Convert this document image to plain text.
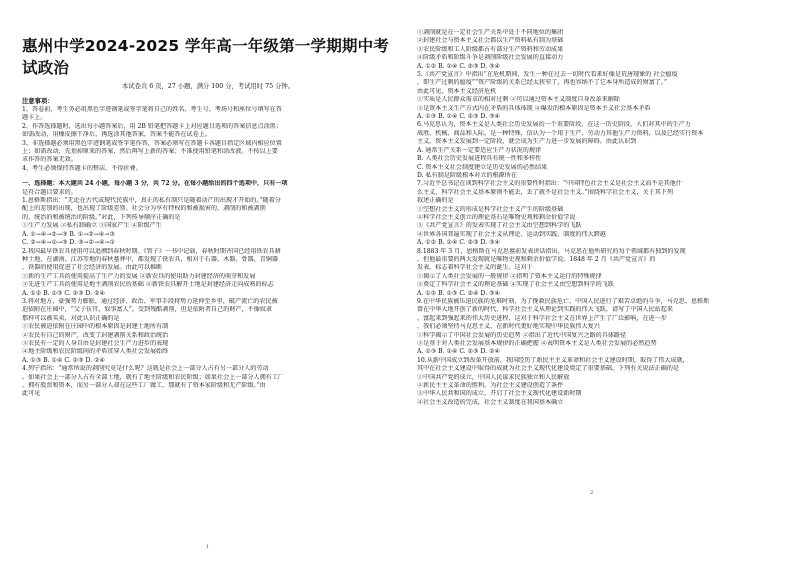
惠州中学2024-2025 学年高一年级第一学期期中考
试政治
本试卷共 6 页，27 小题，满分 100 分，考试用时 75 分钟。
注意事项：
1、答卷前，考生务必用黑色字迹钢笔或签字笔将自己的姓名、考生号、考场号和座位号填写在答
题卡上。
2、作答选择题时，选出每小题答案后，用 2B 铅笔把答题卡上对应题目选项的答案信息点涂黑；
如需改动，用橡皮擦干净后，再选涂其他答案，答案不能答在试卷上。
3、非选择题必须用黑色字迹钢笔或签字笔作答，答案必须写在答题卡各题目指定区域内相应位置
上；如需改动，先划掉原来的答案，然后再写上新的答案；不准使用铅笔和涂改液。不按以上要
求作答的答案无效。
4、考生必须保持答题卡的整洁，不得折叠。
一、选择题：本大题共 24 小题，每小题 3 分，共 72 分。在每小题给出的四个选项中，只有一项
是符合题目要求的。
1.恩格斯指出：“无论在古代或现代民族中，真正的私有制只是随着动产的出现才开始的。”随着分
配上的差别的出现，也出现了阶级差别。社会分为享有特权的和被损害的，剥削的和被剥削
的，统治的和被统治的阶级。”对此，下列传导顺序正确的是
①生产力发展 ②私有制确立 ③国家产生 ④阶级产生
A. ①→④→②→③ B. ①→②→④→③
C. ②→④→①→③ D. ③→②→④→①
2.我国最早铁农具使用可以追溯到春秋时期。《管子》一书中记载，春秋时期齐国已经用铁农具耕
种土地，在湖南、江苏等地的春秋墓葬中，都发现了铁农具，相对于石器、木器、骨器、青铜器
，铁器的使用促进了社会经济的发展。由此可以推断
①新的生产工具的使用提高了生产力的发展 ②新农具的使用助力封建经济的萌芽和发展
③先进生产工具的使用是地主剥削农民的基础 ④新铁农具解开土地是封建经济走向成熟的标志
A. ①② B. ①③ C. ②③ D. ②④
3.将对地方，豪强势力膨胀，通过经济、政治、军事手段将势力延伸至乡里，破产流亡的农民被
迫依附在庄园中，“父子伍官，奴事富人”，受到残酷剥削，但是依附者自己的财产，不像奴隶
那样可以被买卖，对此认识正确的是
①农民被迫依附在庄园中的根本原因是封建土地所有制
②农民有自己的财产，改变了封建剥削关系和政治统治
③农民有一定的人身自由是封建社会生产力进步的表现
④地主阶级和农民阶级间的矛盾贯穿人类社会发展始终
A. ①③ B. ①④ C. ②③ D. ②④
4.列宁指出：“通常所说的剥削究竟是什么呢？这就是社会上一部分人占有另一部分人的劳动
。如果社会上一部分人占有全部土地，就有了地主阶级和农民阶级；如果社会上一部分人拥有工厂
，拥有股票和资本，而另一部分人却在这些工厂做工，那就有了资本家阶级和无产阶级。”由
此可见
①剥削就是在一定社会生产关系中处于不同地位的集团
②封建社会与资本主义社会都以生产资料私有制为基础
③农民阶级和工人阶级都占有部分生产资料和劳动成果
④阶级矛盾和阶级斗争是剥削阶级社会发展的直接动力
A. ①② B. ①④ C. ②③ D. ③④
5.《共产党宣言》中指出“在危机期间，发生一种在过去一切时代看来好像是荒唐现象的 社会瘟疫
，即生产过剩的瘟疫”“资产阶级的关系已经太狭窄了，再也容纳不了它本身所造成的财富了。”
由此可见，资本主义经济危机
①实质是人民群众需求的相对过剩 ②可以通过资本主义制度自身改革来解除
③是资本主义生产方式内在矛盾的具体体现 ④爆发的根本原因是资本主义社会基本矛盾
A. ①③ B. ①④ C. ②③ D. ③④
6.马克思认为，资本主义是人类社会历史发展的一个重要阶段，在这一历史阶段，人们对其中的生产力
战胜、机械、商品和人际，是一种特殊，信认为一个用于生产、劳动力其他生产力资料，以及已经实行资本
主义，资本主义发展到一定阶段，就会成为生产力进一步发展的障碍。由此认识到
A. 通常生产关系一定要适应生产力状况的规律
B. 人类社会历史发展进程具有统一性和多样性
C. 资本主义社会制度建立是历史发展的必然结果
D. 私有制是阶级根本对立的根源所在
7.习近平总书记在谈到科学社会主义的重要性时指出：“中国特色社会主义是社会主义而不是其他什
么主义，科学社会主义基本原则不能丢，丢了就不是社会主义。”围绕科学社会主义，关于其下列
叙述正确的是
①空想社会主义的形成是科学社会主义产生的阶级基础
②科学社会主义创立的理论基石是唯物史观和剩余价值学说
③《共产党宣言》的发表实现了社会主义由空想到科学的飞跃
④世界各国普遍实现了社会主义从理论、运动到实践、制度的伟大跨越
A. ①② B. ①④ C. ②③ D. ③④
8.1883 年 3 月，恩格斯在马克思墓前发表讲话指出，马克思在他所研究的每个领域都有独到的发现
，但他最重要的两大发现就是唯物史观和剩余价值学说。1848 年 2 月《共产党宣言》的
发表，标志着科学社会主义的诞生。这对于
①揭示了人类社会发展的一般规律 ②指明了资本主义运行的特殊规律
③奠定了科学社会主义的理论基础 ④实现了社会主义由空想到科学的飞跃
A. ①② B. ①③ C. ②④ D. ③④
9.在中华民族被压迫民族的危难时刻，为了挽救民族危亡，中国人民进行了艰苦卓绝的斗争，马克思、恩格斯
曾在中华大地开创了新的时代，科学社会主义从理论到实践的伟大飞跃，谱写了中国人民站起来
、富起来到强起来的伟大历史进程，这对于科学社会主义在世界上产生了广泛影响，在进一步
，我们必须坚持马克思主义，在新时代更好地实现中华民族伟大复兴
①科学揭示了中国社会发展的历史趋势 ②指出了近代中国复兴之路的具体路径
③是基于对人类社会发展基本规律的正确把握 ④表明资本主义是人类社会发展的必然趋势
A. ①③ B. ①④ C. ②③ D. ②④
10.从新中国成立到改革开放前，我国经历了新民主主义革命和社会主义建设时期，取得了伟大成就，
其中在社会主义建设中取得的成就为社会主义现代化建设奠定了重要基础，下列有关说法正确的是
①中国共产党的成立，中国人民谋求民族独立和人民解放
②新民主主义革命的胜利，为社会主义建设创造了条件
③中华人民共和国的成立，开启了社会主义现代化建设新时期
④社会主义改造的完成，社会主义制度在我国基本确立
1
2
